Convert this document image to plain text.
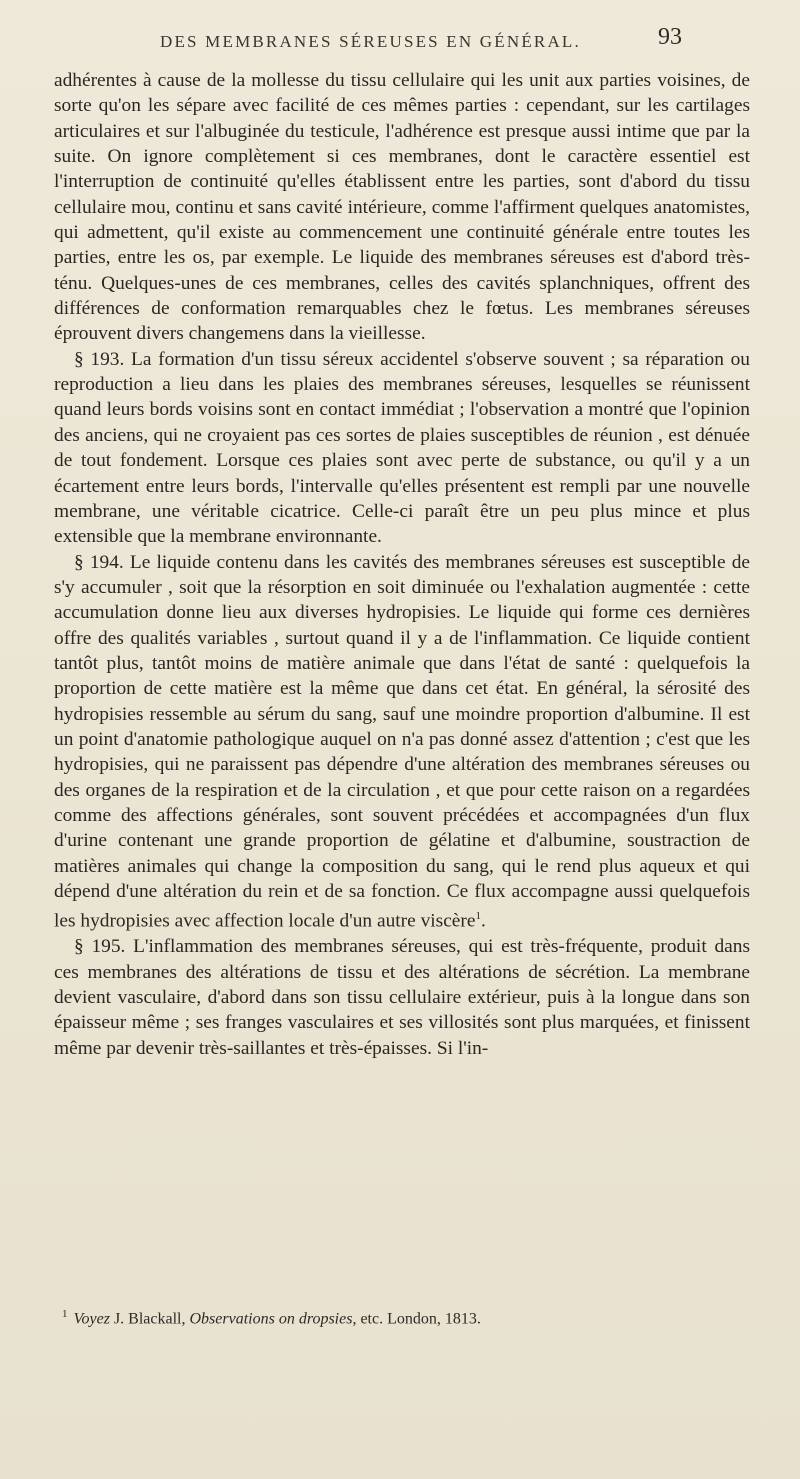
DES MEMBRANES SÉREUSES EN GÉNÉRAL.	93

adhérentes à cause de la mollesse du tissu cellulaire qui les unit aux parties voisines, de sorte qu'on les sépare avec facilité de ces mêmes parties : cependant, sur les cartilages articulaires et sur l'albuginée du testicule, l'adhérence est presque aussi intime que par la suite. On ignore complètement si ces membranes, dont le caractère essentiel est l'interruption de continuité qu'elles établissent entre les parties, sont d'abord du tissu cellulaire mou, continu et sans cavité intérieure, comme l'affirment quelques anatomistes, qui admettent, qu'il existe au commencement une continuité générale entre toutes les parties, entre les os, par exemple. Le liquide des membranes séreuses est d'abord très-ténu. Quelques-unes de ces membranes, celles des cavités splanchniques, offrent des différences de conformation remarquables chez le fœtus. Les membranes séreuses éprouvent divers changemens dans la vieillesse.

§ 193. La formation d'un tissu séreux accidentel s'observe souvent ; sa réparation ou reproduction a lieu dans les plaies des membranes séreuses, lesquelles se réunissent quand leurs bords voisins sont en contact immédiat ; l'observation a montré que l'opinion des anciens, qui ne croyaient pas ces sortes de plaies susceptibles de réunion , est dénuée de tout fondement. Lorsque ces plaies sont avec perte de substance, ou qu'il y a un écartement entre leurs bords, l'intervalle qu'elles présentent est rempli par une nouvelle membrane, une véritable cicatrice. Celle-ci paraît être un peu plus mince et plus extensible que la membrane environnante.

§ 194. Le liquide contenu dans les cavités des membranes séreuses est susceptible de s'y accumuler , soit que la résorption en soit diminuée ou l'exhalation augmentée : cette accumulation donne lieu aux diverses hydropisies. Le liquide qui forme ces dernières offre des qualités variables , surtout quand il y a de l'inflammation. Ce liquide contient tantôt plus, tantôt moins de matière animale que dans l'état de santé : quelquefois la proportion de cette matière est la même que dans cet état. En général, la sérosité des hydropisies ressemble au sérum du sang, sauf une moindre proportion d'albumine. Il est un point d'anatomie pathologique auquel on n'a pas donné assez d'attention ; c'est que les hydropisies, qui ne paraissent pas dépendre d'une altération des membranes séreuses ou des organes de la respiration et de la circulation , et que pour cette raison on a regardées comme des affections générales, sont souvent précédées et accompagnées d'un flux d'urine contenant une grande proportion de gélatine et d'albumine, soustraction de matières animales qui change la composition du sang, qui le rend plus aqueux et qui dépend d'une altération du rein et de sa fonction. Ce flux accompagne aussi quelquefois les hydropisies avec affection locale d'un autre viscère$^1$.

§ 195. L'inflammation des membranes séreuses, qui est très-fréquente, produit dans ces membranes des altérations de tissu et des altérations de sécrétion. La membrane devient vasculaire, d'abord dans son tissu cellulaire extérieur, puis à la longue dans son épaisseur même ; ses franges vasculaires et ses villosités sont plus marquées, et finissent même par devenir très-saillantes et très-épaisses. Si l'in-

$^1$ Voyez J. Blackall, Observations on dropsies, etc. London, 1813.
